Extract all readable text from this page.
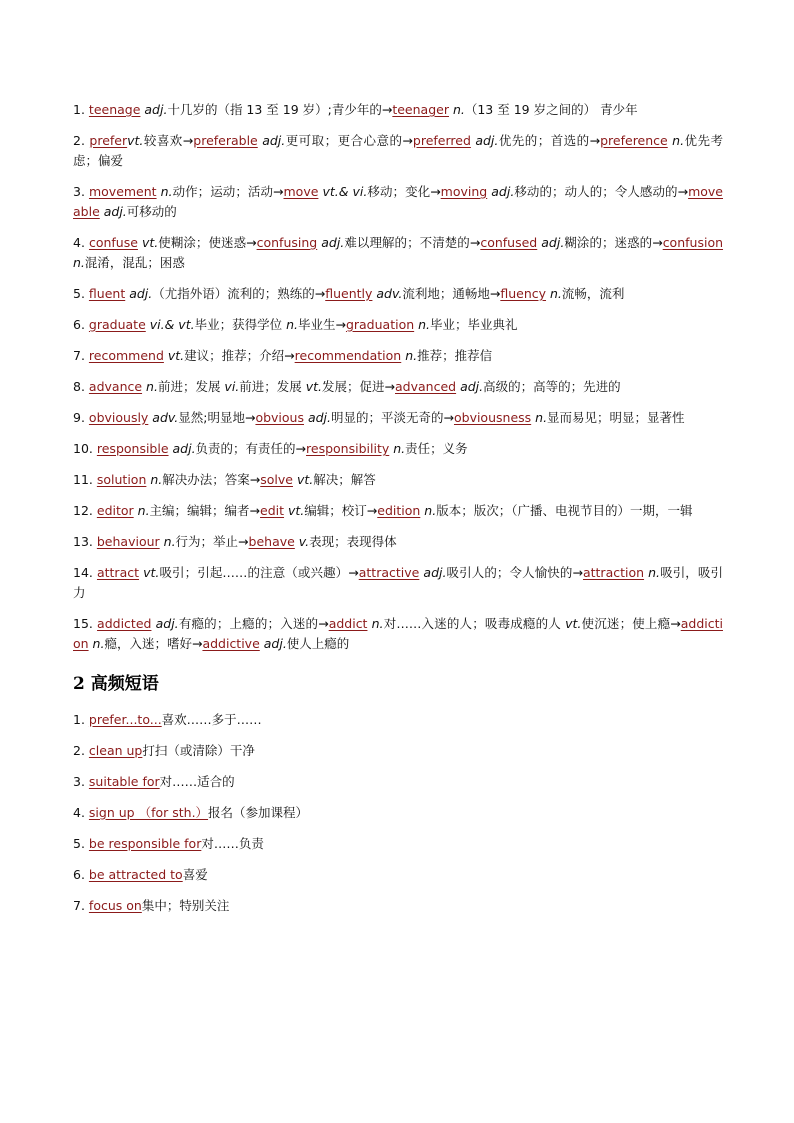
1. teenage adj.十几岁的（指 13 至 19 岁）;青少年的→teenager n.（13 至 19 岁之间的） 青少年
2. prefervt.较喜欢→preferable adj.更可取；更合心意的→preferred adj.优先的；首选的→preference n.优先考虑；偏爱
3. movement n.动作；运动；活动→move vt.& vi.移动；变化→moving adj.移动的；动人的；令人感动的→moveable adj.可移动的
4. confuse vt.使糊涂；使迷惑→confusing adj.难以理解的；不清楚的→confused adj.糊涂的；迷惑的→confusion n.混淆，混乱；困惑
5. fluent adj.（尤指外语）流利的；熟练的→fluently adv.流利地；通畅地→fluency n.流畅，流利
6. graduate vi.& vt.毕业；获得学位 n.毕业生→graduation n.毕业；毕业典礼
7. recommend vt.建议；推荐；介绍→recommendation n.推荐；推荐信
8. advance n.前进；发展 vi.前进；发展 vt.发展；促进→advanced adj.高级的；高等的；先进的
9. obviously adv.显然;明显地→obvious adj.明显的；平淡无奇的→obviousness n.显而易见；明显；显著性
10. responsible adj.负责的；有责任的→responsibility n.责任；义务
11. solution n.解决办法；答案→solve vt.解决；解答
12. editor n.主编；编辑；编者→edit vt.编辑；校订→edition n.版本；版次；（广播、电视节目的）一期，一辑
13. behaviour n.行为；举止→behave v.表现；表现得体
14. attract vt.吸引；引起……的注意（或兴趣）→attractive adj.吸引人的；令人愉快的→attraction n.吸引，吸引力
15. addicted adj.有瘾的；上瘾的；入迷的→addict n.对……入迷的人；吸毒成瘾的人 vt.使沉迷；使上瘾→addiction n.瘾，入迷；嗜好→addictive adj.使人上瘾的
2 高频短语
1. prefer...to...喜欢……多于……
2. clean up打扫（或清除）干净
3. suitable for对……适合的
4. sign up （for sth.）报名（参加课程）
5. be responsible for对……负责
6. be attracted to喜爱
7. focus on集中；特别关注
